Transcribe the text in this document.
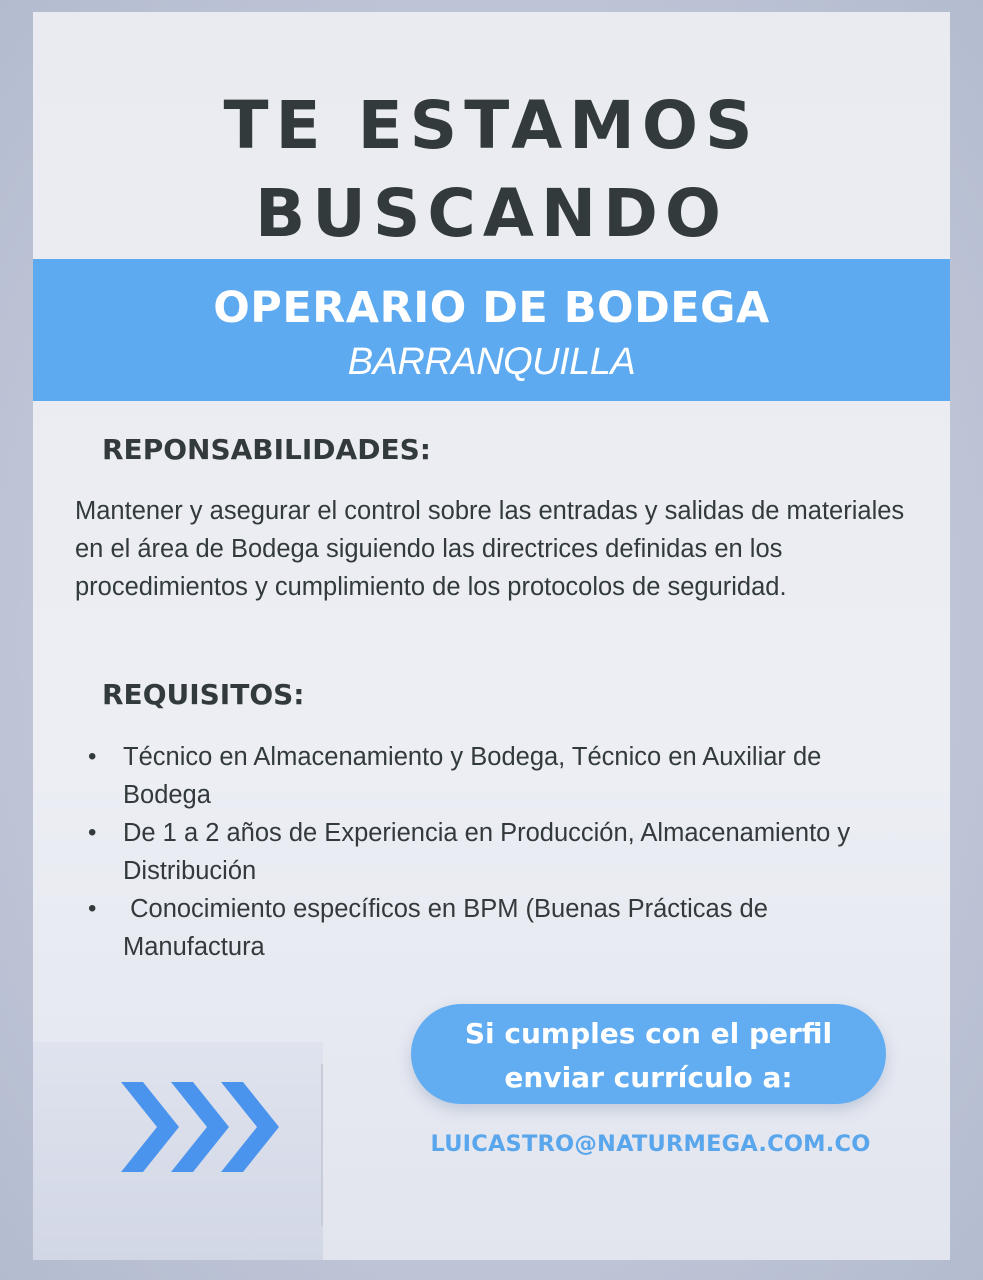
TE ESTAMOS
BUSCANDO
OPERARIO DE BODEGA
BARRANQUILLA
REPONSABILIDADES:
Mantener y asegurar el control sobre las entradas y salidas de materiales en el área de Bodega siguiendo las directrices definidas en los procedimientos y cumplimiento de los protocolos de seguridad.
REQUISITOS:
•	Técnico en Almacenamiento y Bodega, Técnico en Auxiliar de Bodega
•	De 1 a 2 años de Experiencia en Producción, Almacenamiento y Distribución
•	Conocimiento específicos en BPM (Buenas Prácticas de Manufactura
Si cumples con el perfil
enviar currículo a:
LUICASTRO@NATURMEGA.COM.CO
